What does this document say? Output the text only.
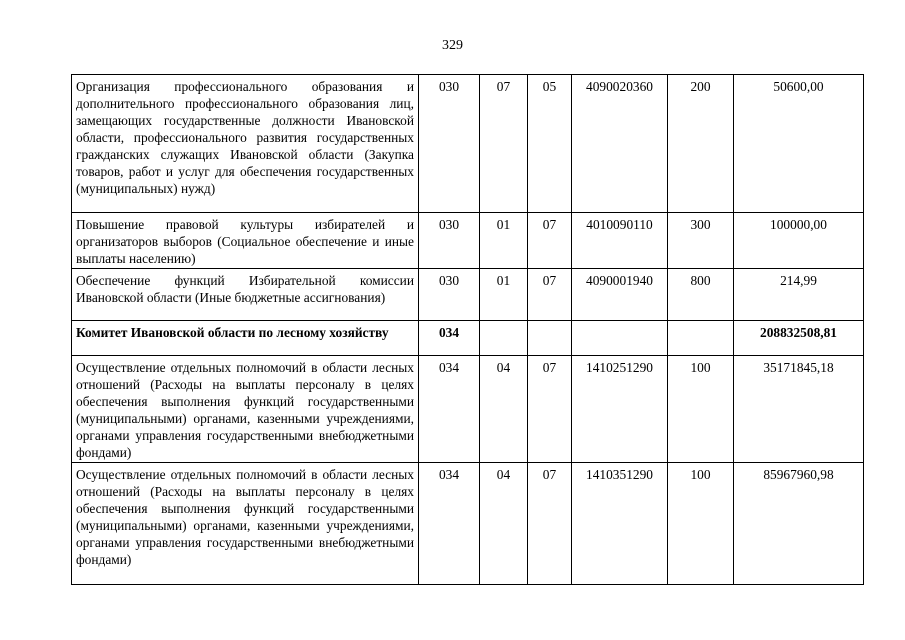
329
Организация профессионального образования и дополнительного профессионального образования лиц, замещающих государственные должности Ивановской области, профессионального развития государственных гражданских служащих Ивановской области (Закупка товаров, работ и услуг для обеспечения государственных (муниципальных) нужд)	030	07	05	4090020360	200	50600,00
Повышение правовой культуры избирателей и организаторов выборов (Социальное обеспечение и иные выплаты населению)	030	01	07	4010090110	300	100000,00
Обеспечение функций Избирательной комиссии Ивановской области (Иные бюджетные ассигнования)	030	01	07	4090001940	800	214,99
Комитет Ивановской области по лесному хозяйству	034					208832508,81
Осуществление отдельных полномочий в области лесных отношений (Расходы на выплаты персоналу в целях обеспечения выполнения функций государственными (муниципальными) органами, казенными учреждениями, органами управления государственными внебюджетными фондами)	034	04	07	1410251290	100	35171845,18
Осуществление отдельных полномочий в области лесных отношений (Расходы на выплаты персоналу в целях обеспечения выполнения функций государственными (муниципальными) органами, казенными учреждениями, органами управления государственными внебюджетными фондами)	034	04	07	1410351290	100	85967960,98
